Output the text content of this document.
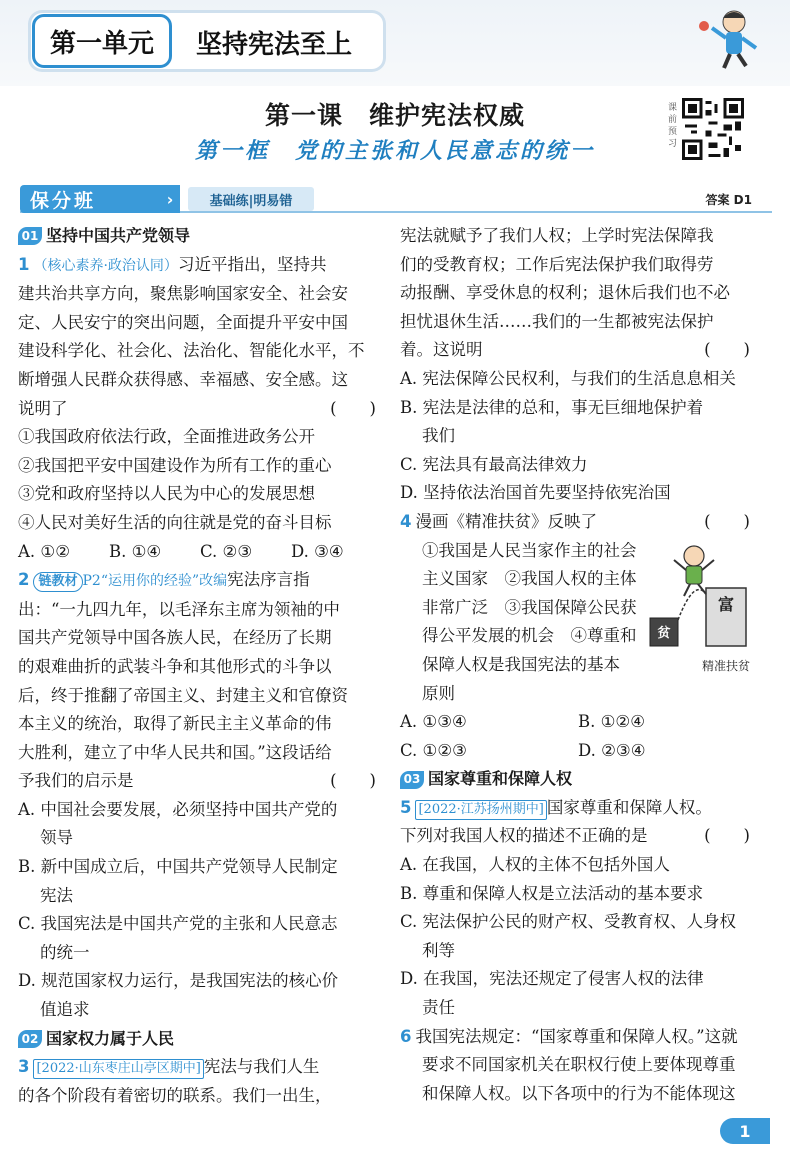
第一单元	坚持宪法至上
第一课　维护宪法权威
第一框　党的主张和人民意志的统一
课前预习
保分班	›	基础练|明易错	答案 D1
01 坚持中国共产党领导

1 （核心素养·政治认同）习近平指出，坚持共

建共治共享方向，聚焦影响国家安全、社会安

定、人民安宁的突出问题，全面提升平安中国

建设科学化、社会化、法治化、智能化水平，不

断增强人民群众获得感、幸福感、安全感。这

说明了	(　　)

①我国政府依法行政，全面推进政务公开

②我国把平安中国建设作为所有工作的重心

③党和政府坚持以人民为中心的发展思想

④人民对美好生活的向往就是党的奋斗目标

A. ①②	B. ①④	C. ②③	D. ③④

2 链教材 P2“运用你的经验”改编宪法序言指

出：“一九四九年，以毛泽东主席为领袖的中

国共产党领导中国各族人民，在经历了长期

的艰难曲折的武装斗争和其他形式的斗争以

后，终于推翻了帝国主义、封建主义和官僚资

本主义的统治，取得了新民主主义革命的伟

大胜利，建立了中华人民共和国。”这段话给

予我们的启示是	(　　)

A. 中国社会要发展，必须坚持中国共产党的

领导

B. 新中国成立后，中国共产党领导人民制定

宪法

C. 我国宪法是中国共产党的主张和人民意志

的统一

D. 规范国家权力运行，是我国宪法的核心价

值追求

02 国家权力属于人民

3 [2022·山东枣庄山亭区期中] 宪法与我们人生

的各个阶段有着密切的联系。我们一出生，

宪法就赋予了我们人权；上学时宪法保障我

们的受教育权；工作后宪法保护我们取得劳

动报酬、享受休息的权利；退休后我们也不必

担忧退休生活……我们的一生都被宪法保护

着。这说明	(　　)

A. 宪法保障公民权利，与我们的生活息息相关

B. 宪法是法律的总和，事无巨细地保护着

我们

C. 宪法具有最高法律效力

D. 坚持依法治国首先要坚持依宪治国

4 漫画《精准扶贫》反映了	(　　)

①我国是人民当家作主的社会

主义国家　②我国人权的主体

非常广泛　③我国保障公民获

得公平发展的机会　④尊重和

保障人权是我国宪法的基本

原则

富
贫
精准扶贫

A. ①③④	B. ①②④

C. ①②③	D. ②③④

03 国家尊重和保障人权

5 [2022·江苏扬州期中] 国家尊重和保障人权。

下列对我国人权的描述不正确的是	(　　)

A. 在我国，人权的主体不包括外国人

B. 尊重和保障人权是立法活动的基本要求

C. 宪法保护公民的财产权、受教育权、人身权

利等

D. 在我国，宪法还规定了侵害人权的法律

责任

6 我国宪法规定：“国家尊重和保障人权。”这就

要求不同国家机关在职权行使上要体现尊重

和保障人权。以下各项中的行为不能体现这

1
